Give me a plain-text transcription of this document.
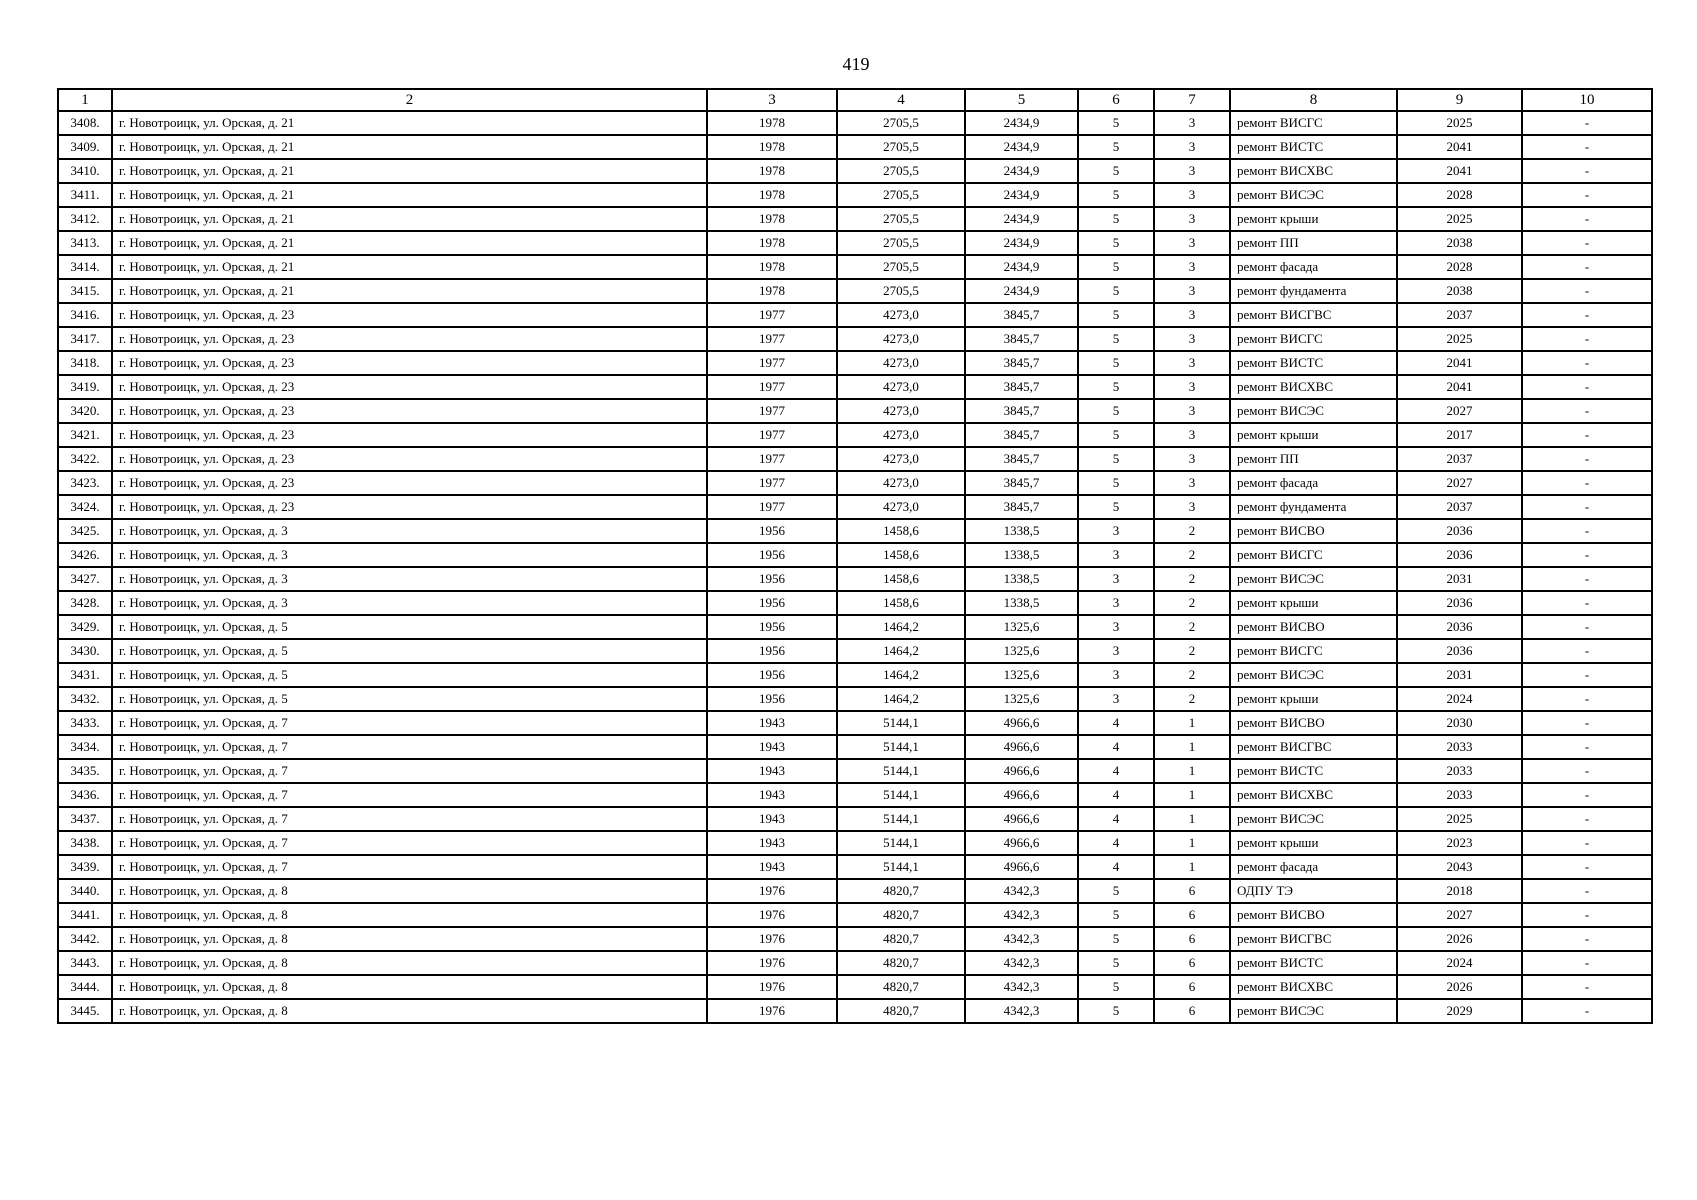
419
1	2	3	4	5	6	7	8	9	10
3408.	г. Новотроицк, ул. Орская, д. 21	1978	2705,5	2434,9	5	3	ремонт ВИСГС	2025	-
3409.	г. Новотроицк, ул. Орская, д. 21	1978	2705,5	2434,9	5	3	ремонт ВИСТС	2041	-
3410.	г. Новотроицк, ул. Орская, д. 21	1978	2705,5	2434,9	5	3	ремонт ВИСХВС	2041	-
3411.	г. Новотроицк, ул. Орская, д. 21	1978	2705,5	2434,9	5	3	ремонт ВИСЭС	2028	-
3412.	г. Новотроицк, ул. Орская, д. 21	1978	2705,5	2434,9	5	3	ремонт крыши	2025	-
3413.	г. Новотроицк, ул. Орская, д. 21	1978	2705,5	2434,9	5	3	ремонт ПП	2038	-
3414.	г. Новотроицк, ул. Орская, д. 21	1978	2705,5	2434,9	5	3	ремонт фасада	2028	-
3415.	г. Новотроицк, ул. Орская, д. 21	1978	2705,5	2434,9	5	3	ремонт фундамента	2038	-
3416.	г. Новотроицк, ул. Орская, д. 23	1977	4273,0	3845,7	5	3	ремонт ВИСГВС	2037	-
3417.	г. Новотроицк, ул. Орская, д. 23	1977	4273,0	3845,7	5	3	ремонт ВИСГС	2025	-
3418.	г. Новотроицк, ул. Орская, д. 23	1977	4273,0	3845,7	5	3	ремонт ВИСТС	2041	-
3419.	г. Новотроицк, ул. Орская, д. 23	1977	4273,0	3845,7	5	3	ремонт ВИСХВС	2041	-
3420.	г. Новотроицк, ул. Орская, д. 23	1977	4273,0	3845,7	5	3	ремонт ВИСЭС	2027	-
3421.	г. Новотроицк, ул. Орская, д. 23	1977	4273,0	3845,7	5	3	ремонт крыши	2017	-
3422.	г. Новотроицк, ул. Орская, д. 23	1977	4273,0	3845,7	5	3	ремонт ПП	2037	-
3423.	г. Новотроицк, ул. Орская, д. 23	1977	4273,0	3845,7	5	3	ремонт фасада	2027	-
3424.	г. Новотроицк, ул. Орская, д. 23	1977	4273,0	3845,7	5	3	ремонт фундамента	2037	-
3425.	г. Новотроицк, ул. Орская, д. 3	1956	1458,6	1338,5	3	2	ремонт ВИСВО	2036	-
3426.	г. Новотроицк, ул. Орская, д. 3	1956	1458,6	1338,5	3	2	ремонт ВИСГС	2036	-
3427.	г. Новотроицк, ул. Орская, д. 3	1956	1458,6	1338,5	3	2	ремонт ВИСЭС	2031	-
3428.	г. Новотроицк, ул. Орская, д. 3	1956	1458,6	1338,5	3	2	ремонт крыши	2036	-
3429.	г. Новотроицк, ул. Орская, д. 5	1956	1464,2	1325,6	3	2	ремонт ВИСВО	2036	-
3430.	г. Новотроицк, ул. Орская, д. 5	1956	1464,2	1325,6	3	2	ремонт ВИСГС	2036	-
3431.	г. Новотроицк, ул. Орская, д. 5	1956	1464,2	1325,6	3	2	ремонт ВИСЭС	2031	-
3432.	г. Новотроицк, ул. Орская, д. 5	1956	1464,2	1325,6	3	2	ремонт крыши	2024	-
3433.	г. Новотроицк, ул. Орская, д. 7	1943	5144,1	4966,6	4	1	ремонт ВИСВО	2030	-
3434.	г. Новотроицк, ул. Орская, д. 7	1943	5144,1	4966,6	4	1	ремонт ВИСГВС	2033	-
3435.	г. Новотроицк, ул. Орская, д. 7	1943	5144,1	4966,6	4	1	ремонт ВИСТС	2033	-
3436.	г. Новотроицк, ул. Орская, д. 7	1943	5144,1	4966,6	4	1	ремонт ВИСХВС	2033	-
3437.	г. Новотроицк, ул. Орская, д. 7	1943	5144,1	4966,6	4	1	ремонт ВИСЭС	2025	-
3438.	г. Новотроицк, ул. Орская, д. 7	1943	5144,1	4966,6	4	1	ремонт крыши	2023	-
3439.	г. Новотроицк, ул. Орская, д. 7	1943	5144,1	4966,6	4	1	ремонт фасада	2043	-
3440.	г. Новотроицк, ул. Орская, д. 8	1976	4820,7	4342,3	5	6	ОДПУ ТЭ	2018	-
3441.	г. Новотроицк, ул. Орская, д. 8	1976	4820,7	4342,3	5	6	ремонт ВИСВО	2027	-
3442.	г. Новотроицк, ул. Орская, д. 8	1976	4820,7	4342,3	5	6	ремонт ВИСГВС	2026	-
3443.	г. Новотроицк, ул. Орская, д. 8	1976	4820,7	4342,3	5	6	ремонт ВИСТС	2024	-
3444.	г. Новотроицк, ул. Орская, д. 8	1976	4820,7	4342,3	5	6	ремонт ВИСХВС	2026	-
3445.	г. Новотроицк, ул. Орская, д. 8	1976	4820,7	4342,3	5	6	ремонт ВИСЭС	2029	-
